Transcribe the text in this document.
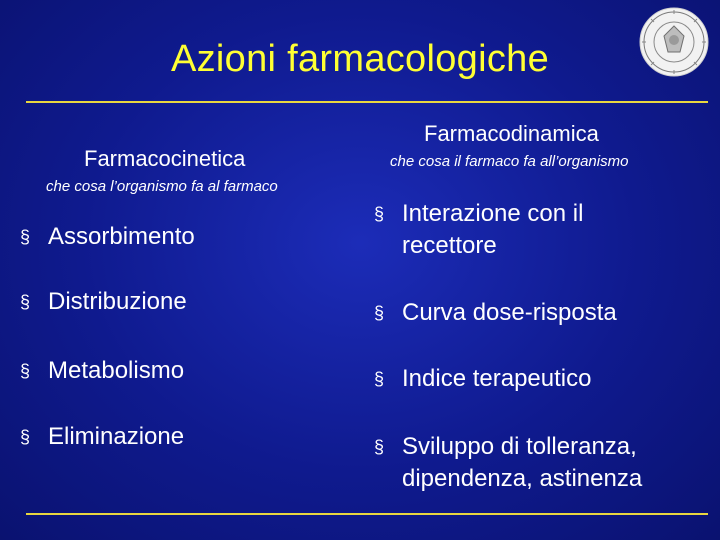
Azioni farmacologiche
Farmacocinetica
che cosa l’organismo fa al farmaco
§ Assorbimento
§ Distribuzione
§ Metabolismo
§ Eliminazione
Farmacodinamica
che cosa il farmaco fa all’organismo
§ Interazione con il recettore
§ Curva dose-risposta
§ Indice terapeutico
§ Sviluppo di tolleranza, dipendenza, astinenza
